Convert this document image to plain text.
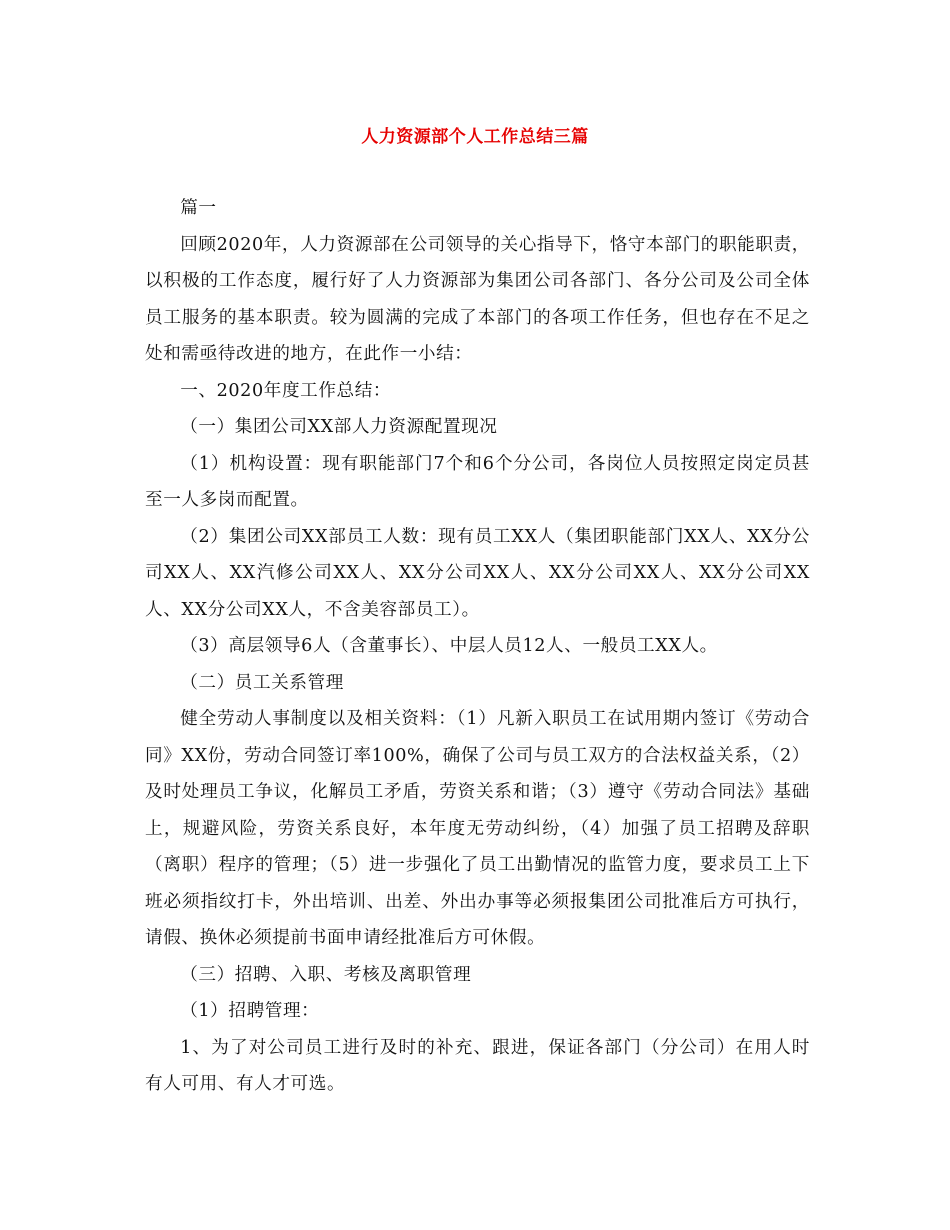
人力资源部个人工作总结三篇

篇一

回顾2020年，人力资源部在公司领导的关心指导下，恪守本部门的职能职责，以积极的工作态度，履行好了人力资源部为集团公司各部门、各分公司及公司全体员工服务的基本职责。较为圆满的完成了本部门的各项工作任务，但也存在不足之处和需亟待改进的地方，在此作一小结：

一、2020年度工作总结：

（一）集团公司XX部人力资源配置现况

（1）机构设置：现有职能部门7个和6个分公司，各岗位人员按照定岗定员甚至一人多岗而配置。

（2）集团公司XX部员工人数：现有员工XX人（集团职能部门XX人、XX分公司XX人、XX汽修公司XX人、XX分公司XX人、XX分公司XX人、XX分公司XX人、XX分公司XX人，不含美容部员工）。

（3）高层领导6人（含董事长）、中层人员12人、一般员工XX人。

（二）员工关系管理

健全劳动人事制度以及相关资料：（1）凡新入职员工在试用期内签订《劳动合同》XX份，劳动合同签订率100%，确保了公司与员工双方的合法权益关系，（2）及时处理员工争议，化解员工矛盾，劳资关系和谐；（3）遵守《劳动合同法》基础上，规避风险，劳资关系良好，本年度无劳动纠纷，（4）加强了员工招聘及辞职（离职）程序的管理；（5）进一步强化了员工出勤情况的监管力度，要求员工上下班必须指纹打卡，外出培训、出差、外出办事等必须报集团公司批准后方可执行，请假、换休必须提前书面申请经批准后方可休假。

（三）招聘、入职、考核及离职管理

（1）招聘管理：

1、为了对公司员工进行及时的补充、跟进，保证各部门（分公司）在用人时有人可用、有人才可选。
